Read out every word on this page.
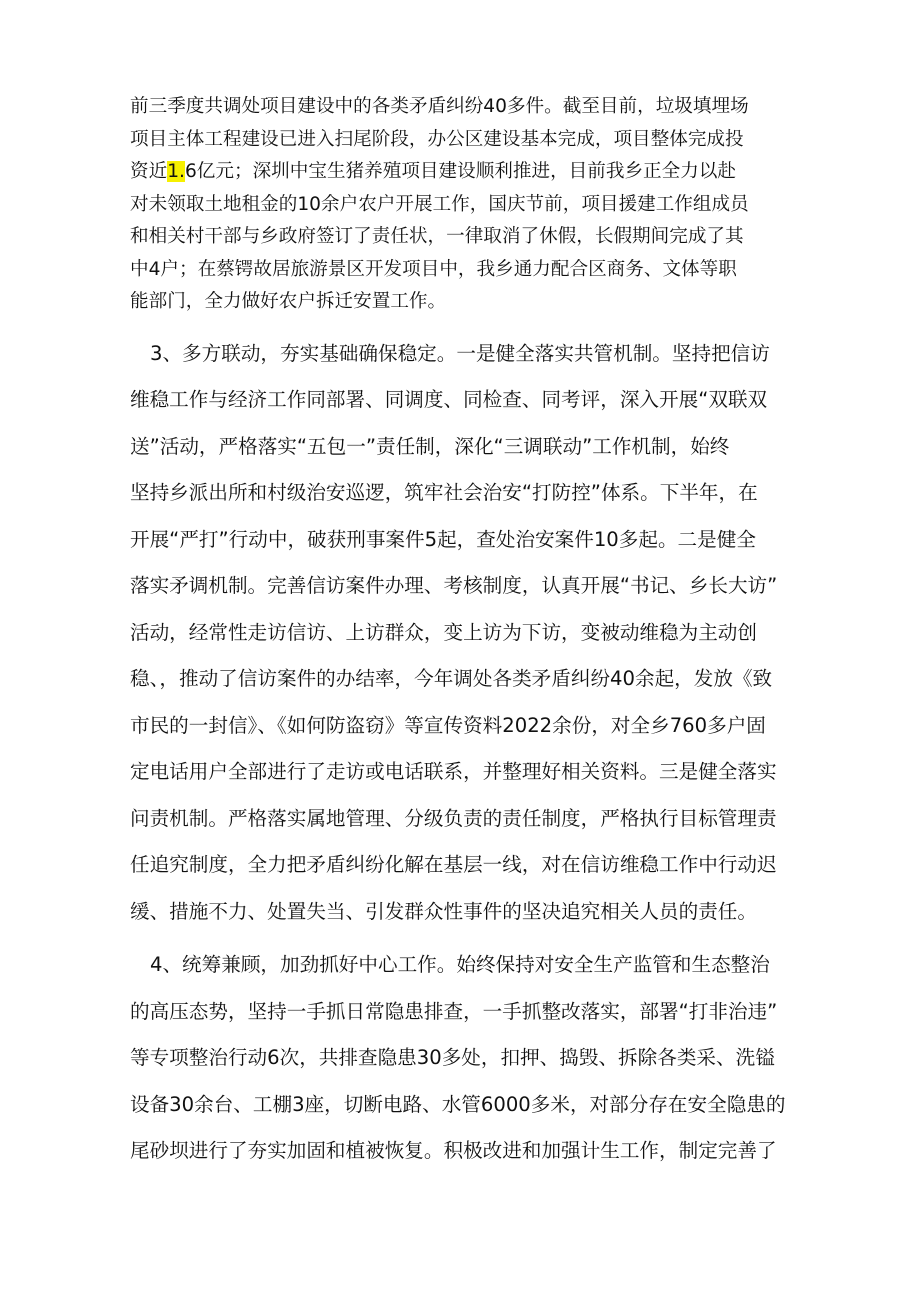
前三季度共调处项目建设中的各类矛盾纠纷40多件。截至目前，垃圾填埋场
项目主体工程建设已进入扫尾阶段，办公区建设基本完成，项目整体完成投
资近1.6亿元；深圳中宝生猪养殖项目建设顺利推进，目前我乡正全力以赴
对未领取土地租金的10余户农户开展工作，国庆节前，项目援建工作组成员
和相关村干部与乡政府签订了责任状，一律取消了休假，长假期间完成了其
中4户；在蔡锷故居旅游景区开发项目中，我乡通力配合区商务、文体等职
能部门，全力做好农户拆迁安置工作。
3、多方联动，夯实基础确保稳定。一是健全落实共管机制。坚持把信访
维稳工作与经济工作同部署、同调度、同检查、同考评，深入开展“双联双
送”活动，严格落实“五包一”责任制，深化“三调联动”工作机制，始终
坚持乡派出所和村级治安巡逻，筑牢社会治安“打防控”体系。下半年，在
开展“严打”行动中，破获刑事案件5起，查处治安案件10多起。二是健全
落实矛调机制。完善信访案件办理、考核制度，认真开展“书记、乡长大访”
活动，经常性走访信访、上访群众，变上访为下访，变被动维稳为主动创
稳、，推动了信访案件的办结率，今年调处各类矛盾纠纷40余起，发放《致
市民的一封信》、《如何防盗窃》等宣传资料2022余份，对全乡760多户固
定电话用户全部进行了走访或电话联系，并整理好相关资料。三是健全落实
问责机制。严格落实属地管理、分级负责的责任制度，严格执行目标管理责
任追究制度，全力把矛盾纠纷化解在基层一线，对在信访维稳工作中行动迟
缓、措施不力、处置失当、引发群众性事件的坚决追究相关人员的责任。
4、统筹兼顾，加劲抓好中心工作。始终保持对安全生产监管和生态整治
的高压态势，坚持一手抓日常隐患排查，一手抓整改落实，部署“打非治违”
等专项整治行动6次，共排查隐患30多处，扣押、捣毁、拆除各类采、洗镒
设备30余台、工棚3座，切断电路、水管6000多米，对部分存在安全隐患的
尾砂坝进行了夯实加固和植被恢复。积极改进和加强计生工作，制定完善了
